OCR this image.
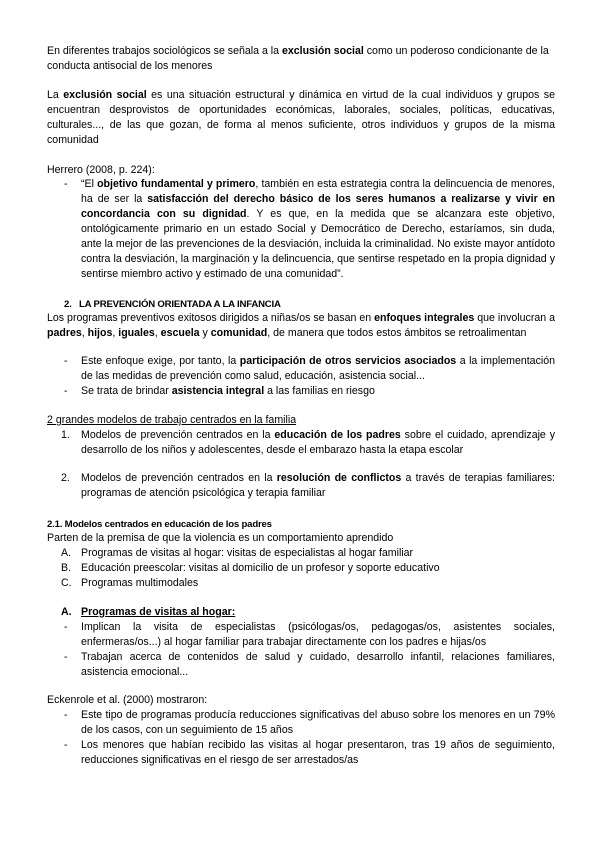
En diferentes trabajos sociológicos se señala a la exclusión social como un poderoso condicionante de la conducta antisocial de los menores

La exclusión social es una situación estructural y dinámica en virtud de la cual individuos y grupos se encuentran desprovistos de oportunidades económicas, laborales, sociales, políticas, educativas, culturales..., de las que gozan, de forma al menos suficiente, otros individuos y grupos de la misma comunidad

Herrero (2008, p. 224):

- “El objetivo fundamental y primero, también en esta estrategia contra la delincuencia de menores, ha de ser la satisfacción del derecho básico de los seres humanos a realizarse y vivir en concordancia con su dignidad. Y es que, en la medida que se alcanzara este objetivo, ontológicamente primario en un estado Social y Democrático de Derecho, estaríamos, sin duda, ante la mejor de las prevenciones de la desviación, incluida la criminalidad. No existe mayor antídoto contra la desviación, la marginación y la delincuencia, que sentirse respetado en la propia dignidad y sentirse miembro activo y estimado de una comunidad”.
2. LA PREVENCIÓN ORIENTADA A LA INFANCIA

Los programas preventivos exitosos dirigidos a niñas/os se basan en enfoques integrales que involucran a padres, hijos, iguales, escuela y comunidad, de manera que todos estos ámbitos se retroalimentan

- Este enfoque exige, por tanto, la participación de otros servicios asociados a la implementación de las medidas de prevención como salud, educación, asistencia social...
- Se trata de brindar asistencia integral a las familias en riesgo

2 grandes modelos de trabajo centrados en la familia

1. Modelos de prevención centrados en la educación de los padres sobre el cuidado, aprendizaje y desarrollo de los niños y adolescentes, desde el embarazo hasta la etapa escolar
2. Modelos de prevención centrados en la resolución de conflictos a través de terapias familiares: programas de atención psicológica y terapia familiar
2.1. Modelos centrados en educación de los padres

Parten de la premisa de que la violencia es un comportamiento aprendido

A. Programas de visitas al hogar: visitas de especialistas al hogar familiar
B. Educación preescolar: visitas al domicilio de un profesor y soporte educativo
C. Programas multimodales
A. Programas de visitas al hogar:
- Implican la visita de especialistas (psicólogas/os, pedagogas/os, asistentes sociales, enfermeras/os...) al hogar familiar para trabajar directamente con los padres e hijas/os
- Trabajan acerca de contenidos de salud y cuidado, desarrollo infantil, relaciones familiares, asistencia emocional...

Eckenrole et al. (2000) mostraron:

- Este tipo de programas producía reducciones significativas del abuso sobre los menores en un 79% de los casos, con un seguimiento de 15 años
- Los menores que habían recibido las visitas al hogar presentaron, tras 19 años de seguimiento, reducciones significativas en el riesgo de ser arrestados/as
